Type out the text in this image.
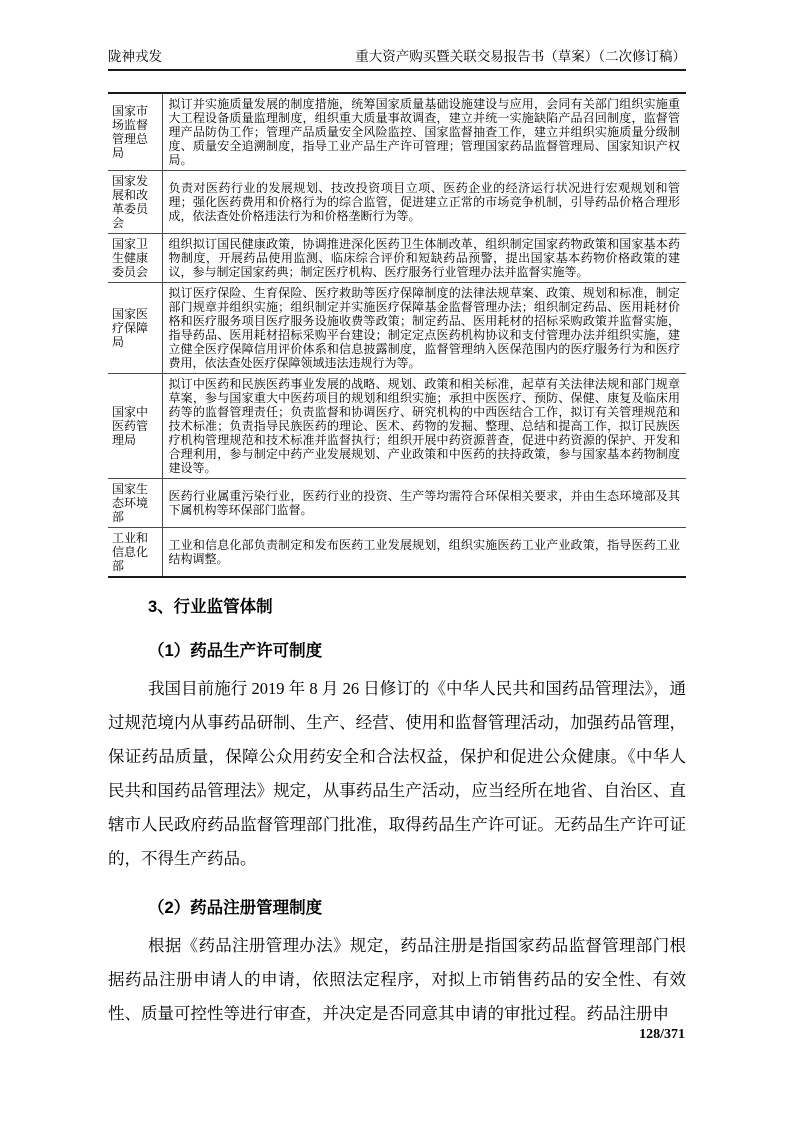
陇神戎发	重大资产购买暨关联交易报告书（草案）（二次修订稿）
国家市场监督管理总局	拟订并实施质量发展的制度措施，统筹国家质量基础设施建设与应用，会同有关部门组织实施重大工程设备质量监理制度，组织重大质量事故调查，建立并统一实施缺陷产品召回制度，监督管理产品防伪工作；管理产品质量安全风险监控、国家监督抽查工作，建立并组织实施质量分级制度、质量安全追溯制度，指导工业产品生产许可管理；管理国家药品监督管理局、国家知识产权局。
国家发展和改革委员会	负责对医药行业的发展规划、技改投资项目立项、医药企业的经济运行状况进行宏观规划和管理；强化医药费用和价格行为的综合监管，促进建立正常的市场竞争机制，引导药品价格合理形成，依法查处价格违法行为和价格垄断行为等。
国家卫生健康委员会	组织拟订国民健康政策，协调推进深化医药卫生体制改革，组织制定国家药物政策和国家基本药物制度，开展药品使用监测、临床综合评价和短缺药品预警，提出国家基本药物价格政策的建议，参与制定国家药典；制定医疗机构、医疗服务行业管理办法并监督实施等。
国家医疗保障局	拟订医疗保险、生育保险、医疗救助等医疗保障制度的法律法规草案、政策、规划和标准，制定部门规章并组织实施；组织制定并实施医疗保障基金监督管理办法；组织制定药品、医用耗材价格和医疗服务项目医疗服务设施收费等政策；制定药品、医用耗材的招标采购政策并监督实施，指导药品、医用耗材招标采购平台建设；制定定点医药机构协议和支付管理办法并组织实施，建立健全医疗保障信用评价体系和信息披露制度，监督管理纳入医保范围内的医疗服务行为和医疗费用，依法查处医疗保障领域违法违规行为等。
国家中医药管理局	拟订中医药和民族医药事业发展的战略、规划、政策和相关标准，起草有关法律法规和部门规章草案，参与国家重大中医药项目的规划和组织实施；承担中医医疗、预防、保健、康复及临床用药等的监督管理责任；负责监督和协调医疗、研究机构的中西医结合工作，拟订有关管理规范和技术标准；负责指导民族医药的理论、医术、药物的发掘、整理、总结和提高工作，拟订民族医疗机构管理规范和技术标准并监督执行；组织开展中药资源普查，促进中药资源的保护、开发和合理利用，参与制定中药产业发展规划、产业政策和中医药的扶持政策，参与国家基本药物制度建设等。
国家生态环境部	医药行业属重污染行业，医药行业的投资、生产等均需符合环保相关要求，并由生态环境部及其下属机构等环保部门监督。
工业和信息化部	工业和信息化部负责制定和发布医药工业发展规划，组织实施医药工业产业政策，指导医药工业结构调整。
3、行业监管体制
（1）药品生产许可制度

我国目前施行 2019 年 8 月 26 日修订的《中华人民共和国药品管理法》，通过规范境内从事药品研制、生产、经营、使用和监督管理活动，加强药品管理，保证药品质量，保障公众用药安全和合法权益，保护和促进公众健康。《中华人民共和国药品管理法》规定，从事药品生产活动，应当经所在地省、自治区、直辖市人民政府药品监督管理部门批准，取得药品生产许可证。无药品生产许可证的，不得生产药品。

（2）药品注册管理制度

根据《药品注册管理办法》规定，药品注册是指国家药品监督管理部门根据药品注册申请人的申请，依照法定程序，对拟上市销售药品的安全性、有效性、质量可控性等进行审查，并决定是否同意其申请的审批过程。药品注册申

128/371
